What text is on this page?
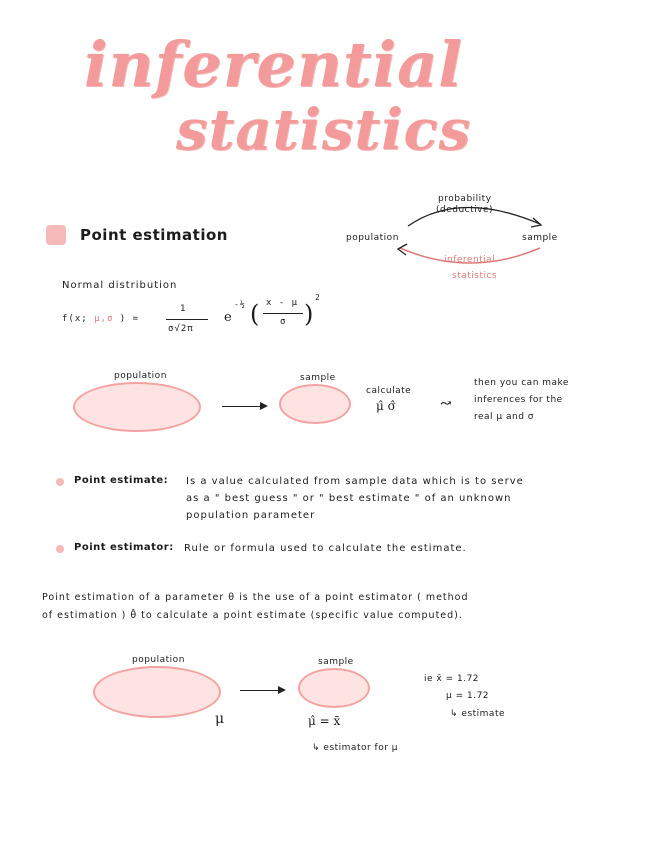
inferential
statistics
Point estimation
probability
(deductive)
population	sample
inferential
statistics
Normal distribution
f(x; μ,σ ) =
1
σ√2π
e
-½ ( x - μ
σ )
2
population	sample
calculate
μ̂ σ̂	↝
then you can make
inferences for the
real μ and σ
Point estimate: Is a value calculated from sample data which is to serve
as a " best guess " or " best estimate " of an unknown
population parameter
Point estimator: Rule or formula used to calculate the estimate.
Point estimation of a parameter θ is the use of a point estimator ( method
of estimation ) θ̂ to calculate a point estimate (specific value computed).
population
μ
sample
μ̂ = x̄
↳ estimator for μ
ie x̄ = 1.72
μ = 1.72
↳ estimate
